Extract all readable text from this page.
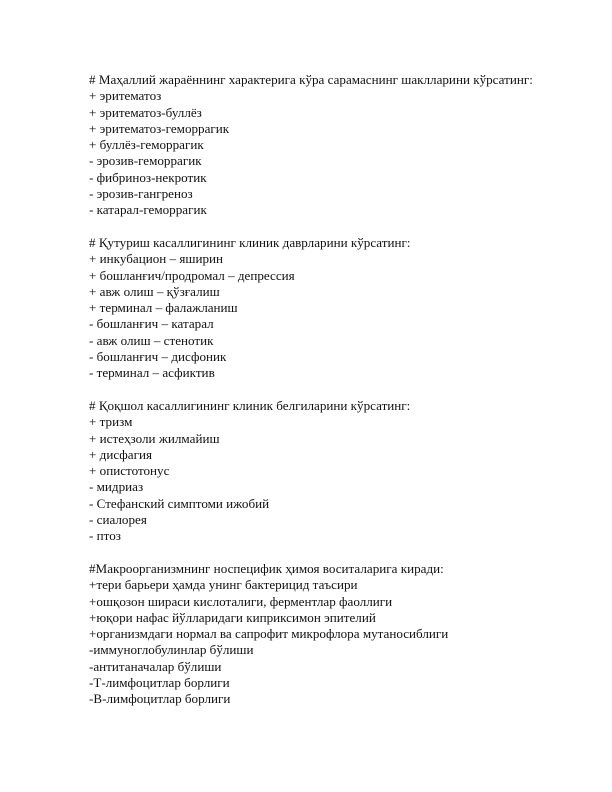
# Маҳаллий жараённинг характерига кўра сарамаснинг шаклларини кўрсатинг:
+ эритематоз
+ эритематоз-буллёз
+ эритематоз-геморрагик
+ буллёз-геморрагик
- эрозив-геморрагик
- фибриноз-некротик
- эрозив-гангреноз
- катарал-геморрагик
# Қутуриш касаллигининг клиник даврларини кўрсатинг:
+ инкубацион – яширин
+ бошланғич/продромал – депрессия
+ авж олиш – қўзғалиш
+ терминал – фалажланиш
- бошланғич – катарал
- авж олиш – стенотик
- бошланғич – дисфоник
- терминал – асфиктив
# Қоқшол касаллигининг клиник белгиларини кўрсатинг:
+ тризм
+ истеҳзоли жилмайиш
+ дисфагия
+ опистотонус
- мидриаз
- Стефанский симптоми ижобий
- сиалорея
- птоз
#Макроорганизмнинг носпецифик ҳимоя воситаларига киради:
+тери барьери ҳамда унинг бактерицид таъсири
+ошқозон шираси кислоталиги, ферментлар фаоллиги
+юқори нафас йўлларидаги киприксимон эпителий
+организмдаги нормал ва сапрофит микрофлора мутаносиблиги
-иммуноглобулинлар бўлиши
-антитаначалар бўлиши
-Т-лимфоцитлар борлиги
-В-лимфоцитлар борлиги
